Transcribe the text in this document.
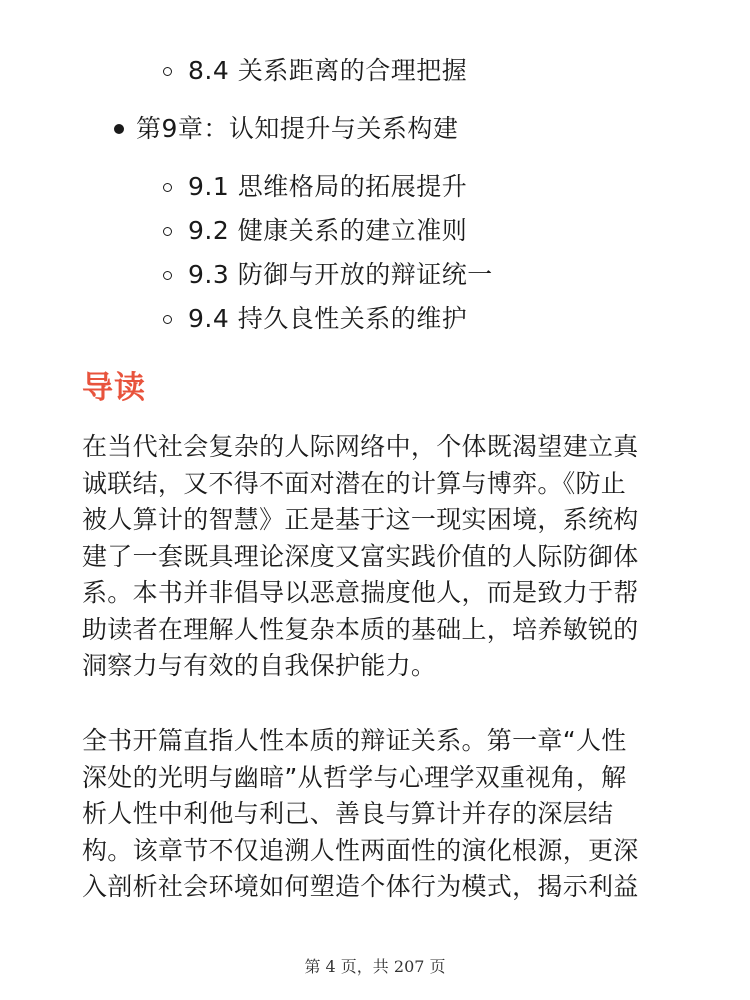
8.4 关系距离的合理把握
第9章：认知提升与关系构建
9.1 思维格局的拓展提升
9.2 健康关系的建立准则
9.3 防御与开放的辩证统一
9.4 持久良性关系的维护
导读
在当代社会复杂的人际网络中，个体既渴望建立真
诚联结，又不得不面对潜在的计算与博弈。《防止
被人算计的智慧》正是基于这一现实困境，系统构
建了一套既具理论深度又富实践价值的人际防御体
系。本书并非倡导以恶意揣度他人，而是致力于帮
助读者在理解人性复杂本质的基础上，培养敏锐的
洞察力与有效的自我保护能力。
全书开篇直指人性本质的辩证关系。第一章“人性
深处的光明与幽暗”从哲学与心理学双重视角，解
析人性中利他与利己、善良与算计并存的深层结
构。该章节不仅追溯人性两面性的演化根源，更深
入剖析社会环境如何塑造个体行为模式，揭示利益
第 4 页，共 207 页
